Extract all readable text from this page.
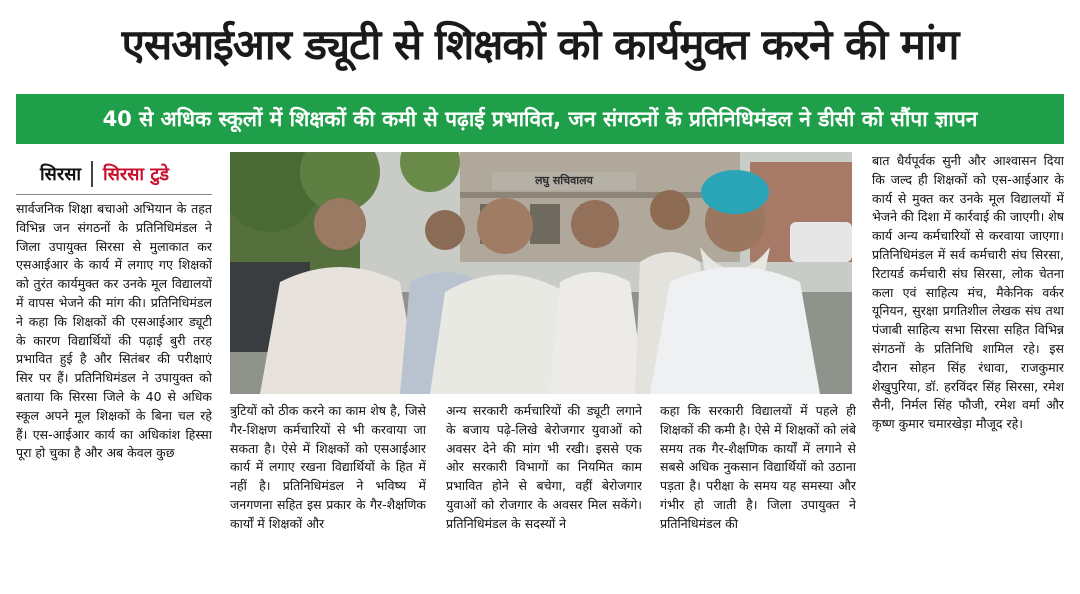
एसआईआर ड्यूटी से शिक्षकों को कार्यमुक्त करने की मांग
40 से अधिक स्कूलों में शिक्षकों की कमी से पढ़ाई प्रभावित, जन संगठनों के प्रतिनिधिमंडल ने डीसी को सौंपा ज्ञापन
सिरसा सिरसा टुडे
सार्वजनिक शिक्षा बचाओ अभियान के तहत विभिन्न जन संगठनों के प्रतिनिधिमंडल ने जिला उपायुक्त सिरसा से मुलाकात कर एसआईआर के कार्य में लगाए गए शिक्षकों को तुरंत कार्यमुक्त कर उनके मूल विद्यालयों में वापस भेजने की मांग की। प्रतिनिधिमंडल ने कहा कि शिक्षकों की एसआईआर ड्यूटी के कारण विद्यार्थियों की पढ़ाई बुरी तरह प्रभावित हुई है और सितंबर की परीक्षाएं सिर पर हैं। प्रतिनिधिमंडल ने उपायुक्त को बताया कि सिरसा जिले के 40 से अधिक स्कूल अपने मूल शिक्षकों के बिना चल रहे हैं। एस-आईआर कार्य का अधिकांश हिस्सा पूरा हो चुका है और अब केवल कुछ
लघु सचिवालय
त्रुटियों को ठीक करने का काम शेष है, जिसे गैर-शिक्षण कर्मचारियों से भी करवाया जा सकता है। ऐसे में शिक्षकों को एसआईआर कार्य में लगाए रखना विद्यार्थियों के हित में नहीं है। प्रतिनिधिमंडल ने भविष्य में जनगणना सहित इस प्रकार के गैर-शैक्षणिक कार्यों में शिक्षकों और
अन्य सरकारी कर्मचारियों की ड्यूटी लगाने के बजाय पढ़े-लिखे बेरोजगार युवाओं को अवसर देने की मांग भी रखी। इससे एक ओर सरकारी विभागों का नियमित काम प्रभावित होने से बचेगा, वहीं बेरोजगार युवाओं को रोजगार के अवसर मिल सकेंगे। प्रतिनिधिमंडल के सदस्यों ने
कहा कि सरकारी विद्यालयों में पहले ही शिक्षकों की कमी है। ऐसे में शिक्षकों को लंबे समय तक गैर-शैक्षणिक कार्यों में लगाने से सबसे अधिक नुकसान विद्यार्थियों को उठाना पड़ता है। परीक्षा के समय यह समस्या और गंभीर हो जाती है। जिला उपायुक्त ने प्रतिनिधिमंडल की
बात धैर्यपूर्वक सुनी और आश्वासन दिया कि जल्द ही शिक्षकों को एस-आईआर के कार्य से मुक्त कर उनके मूल विद्यालयों में भेजने की दिशा में कार्रवाई की जाएगी। शेष कार्य अन्य कर्मचारियों से करवाया जाएगा। प्रतिनिधिमंडल में सर्व कर्मचारी संघ सिरसा, रिटायर्ड कर्मचारी संघ सिरसा, लोक चेतना कला एवं साहित्य मंच, मैकेनिक वर्कर यूनियन, सुरक्षा प्रगतिशील लेखक संघ तथा पंजाबी साहित्य सभा सिरसा सहित विभिन्न संगठनों के प्रतिनिधि शामिल रहे। इस दौरान सोहन सिंह रंधावा, राजकुमार शेखुपुरिया, डॉ. हरविंदर सिंह सिरसा, रमेश सैनी, निर्मल सिंह फौजी, रमेश वर्मा और कृष्ण कुमार चमारखेड़ा मौजूद रहे।
